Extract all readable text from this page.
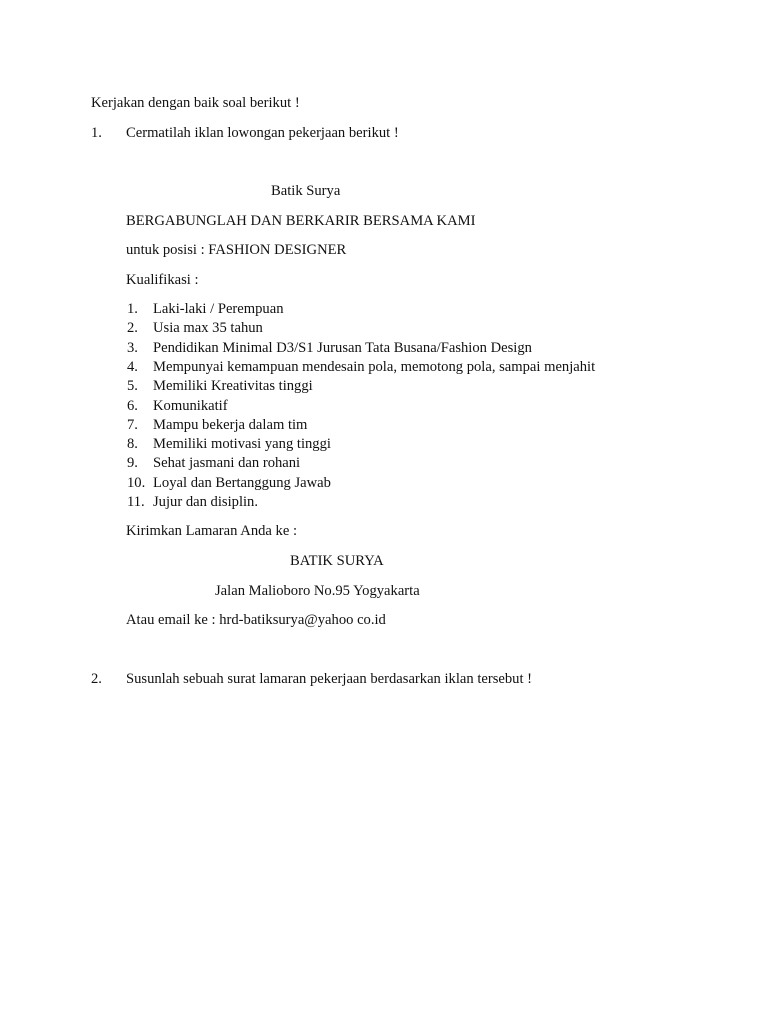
Kerjakan dengan baik soal berikut !
1. Cermatilah iklan lowongan pekerjaan berikut !
Batik Surya
BERGABUNGLAH DAN BERKARIR BERSAMA KAMI
untuk posisi : FASHION DESIGNER
Kualifikasi :
1. Laki-laki / Perempuan
2. Usia max 35 tahun
3. Pendidikan Minimal D3/S1 Jurusan Tata Busana/Fashion Design
4. Mempunyai kemampuan mendesain pola, memotong pola, sampai menjahit
5. Memiliki Kreativitas tinggi
6. Komunikatif
7. Mampu bekerja dalam tim
8. Memiliki motivasi yang tinggi
9. Sehat jasmani dan rohani
10. Loyal dan Bertanggung Jawab
11. Jujur dan disiplin.
Kirimkan Lamaran Anda ke :
BATIK SURYA
Jalan Malioboro No.95 Yogyakarta
Atau email ke : hrd-batiksurya@yahoo co.id
2. Susunlah sebuah surat lamaran pekerjaan berdasarkan iklan tersebut !
